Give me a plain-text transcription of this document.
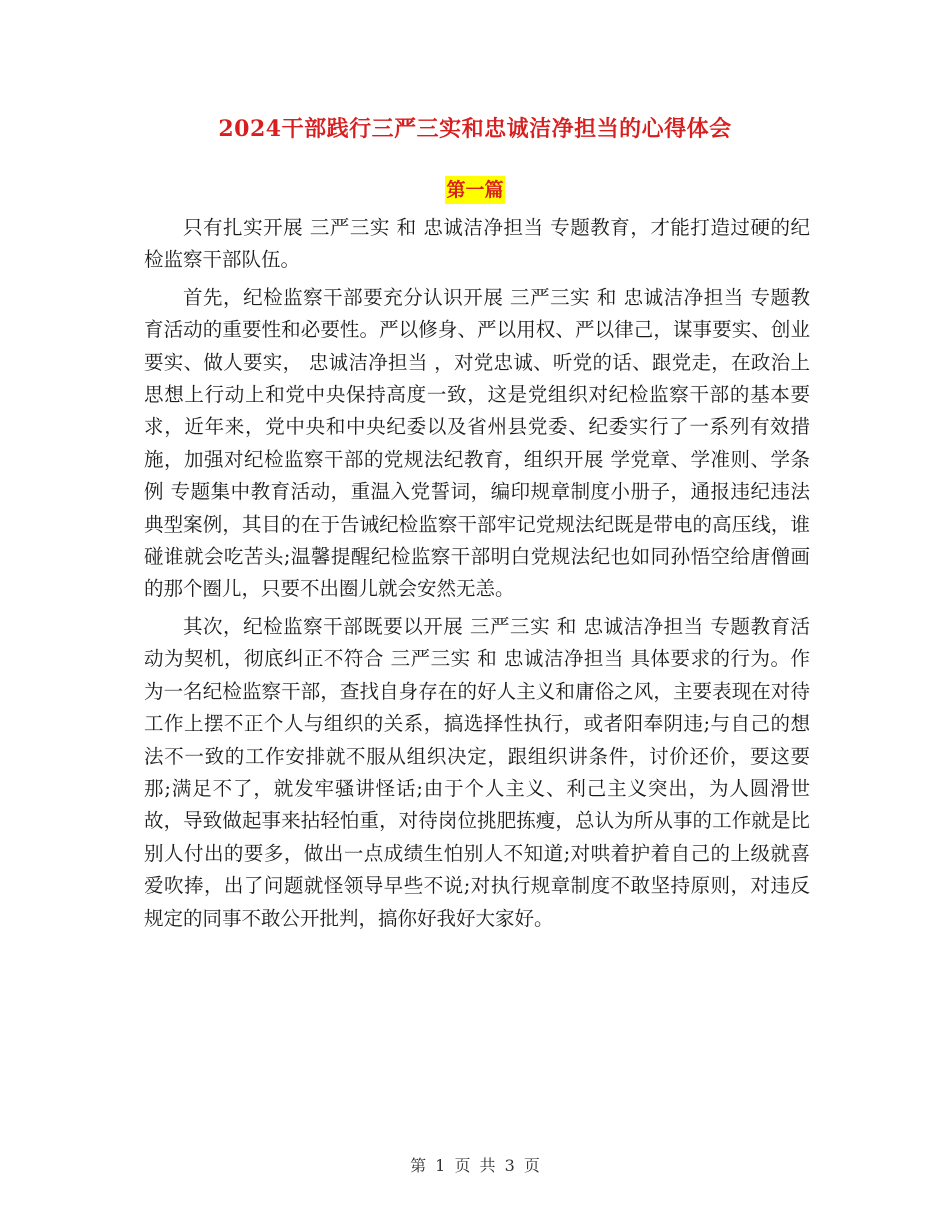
2024干部践行三严三实和忠诚洁净担当的心得体会
第一篇

只有扎实开展 三严三实 和 忠诚洁净担当 专题教育，才能打造过硬的纪检监察干部队伍。

首先，纪检监察干部要充分认识开展 三严三实 和 忠诚洁净担当 专题教育活动的重要性和必要性。严以修身、严以用权、严以律己，谋事要实、创业要实、做人要实， 忠诚洁净担当 ，对党忠诚、听党的话、跟党走，在政治上思想上行动上和党中央保持高度一致，这是党组织对纪检监察干部的基本要求，近年来，党中央和中央纪委以及省州县党委、纪委实行了一系列有效措施，加强对纪检监察干部的党规法纪教育，组织开展 学党章、学准则、学条例 专题集中教育活动，重温入党誓词，编印规章制度小册子，通报违纪违法典型案例，其目的在于告诫纪检监察干部牢记党规法纪既是带电的高压线，谁碰谁就会吃苦头;温馨提醒纪检监察干部明白党规法纪也如同孙悟空给唐僧画的那个圈儿，只要不出圈儿就会安然无恙。

其次，纪检监察干部既要以开展 三严三实 和 忠诚洁净担当 专题教育活动为契机，彻底纠正不符合 三严三实 和 忠诚洁净担当 具体要求的行为。作为一名纪检监察干部，查找自身存在的好人主义和庸俗之风，主要表现在对待工作上摆不正个人与组织的关系，搞选择性执行，或者阳奉阴违;与自己的想法不一致的工作安排就不服从组织决定，跟组织讲条件，讨价还价，要这要那;满足不了，就发牢骚讲怪话;由于个人主义、利己主义突出，为人圆滑世故，导致做起事来拈轻怕重，对待岗位挑肥拣瘦，总认为所从事的工作就是比别人付出的要多，做出一点成绩生怕别人不知道;对哄着护着自己的上级就喜爱吹捧，出了问题就怪领导早些不说;对执行规章制度不敢坚持原则，对违反规定的同事不敢公开批判，搞你好我好大家好。

第 1 页 共 3 页
